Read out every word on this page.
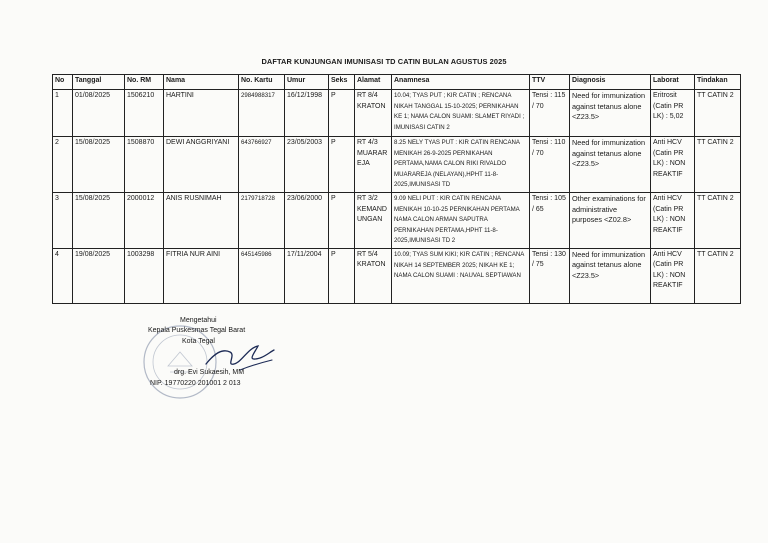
DAFTAR KUNJUNGAN IMUNISASI TD CATIN BULAN AGUSTUS 2025
No	Tanggal	No. RM	Nama	No. Kartu	Umur	Seks	Alamat	Anamnesa	TTV	Diagnosis	Laborat	Tindakan
1	01/08/2025	1506210	HARTINI	2984988317	16/12/1998	P	RT 8/4 KRATON	10.04; TYAS PUT ; KIR CATIN ; RENCANA NIKAH TANGGAL 15-10-2025; PERNIKAHAN KE 1; NAMA CALON SUAMI: SLAMET RIYADI ; IMUNISASI CATIN 2	Tensi : 115 / 70	Need for immunization against tetanus alone <Z23.5>	Eritrosit (Catin PR LK) : 5,02	TT CATIN 2
2	15/08/2025	1508870	DEWI ANGGRIYANI	643766927	23/05/2003	P	RT 4/3 MUARAREJA	8.25 NELY TYAS PUT : KIR CATIN RENCANA MENIKAH 26-9-2025 PERNIKAHAN PERTAMA,NAMA CALON RIKI RIVALDO MUARAREJA (NELAYAN),HPHT 11-8-2025,IMUNISASI TD	Tensi : 110 / 70	Need for immunization against tetanus alone <Z23.5>	Anti HCV (Catin PR LK) : NON REAKTIF	TT CATIN 2
3	15/08/2025	2000012	ANIS RUSNIMAH	2179718728	23/06/2000	P	RT 3/2 KEMANDUNGAN	9.09 NELI PUT : KIR CATIN RENCANA MENIKAH 10-10-25 PERNIKAHAN PERTAMA NAMA CALON ARMAN SAPUTRA PERNIKAHAN PERTAMA,HPHT 11-8-2025,IMUNISASI TD 2	Tensi : 105 / 65	Other examinations for administrative purposes <Z02.8>	Anti HCV (Catin PR LK) : NON REAKTIF	TT CATIN 2
4	19/08/2025	1003298	FITRIA NUR AINI	645145986	17/11/2004	P	RT 5/4 KRATON	10.09; TYAS SUM KIKI; KIR CATIN ; RENCANA NIKAH 14 SEPTEMBER 2025; NIKAH KE 1; NAMA CALON SUAMI : NAUVAL SEPTIAWAN	Tensi : 130 / 75	Need for immunization against tetanus alone <Z23.5>	Anti HCV (Catin PR LK) : NON REAKTIF	TT CATIN 2
Mengetahui
Kepala Puskesmas Tegal Barat
Kota Tegal
drg. Evi Sukaesih, MM
NIP. 19770220 201001 2 013
